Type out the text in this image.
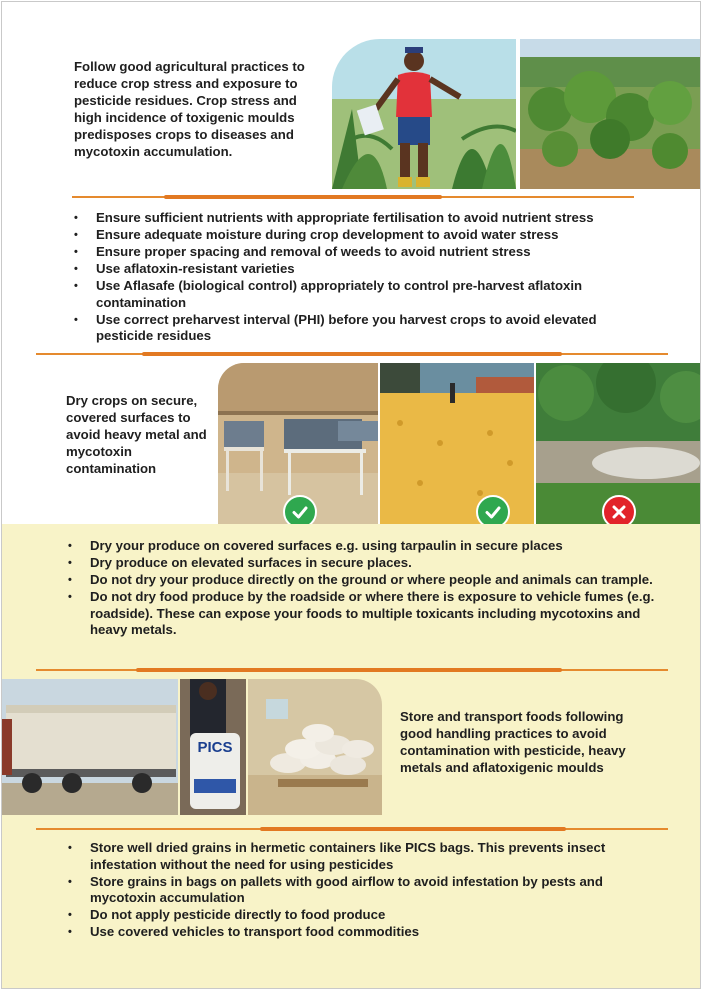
Follow good agricultural practices to reduce crop stress and exposure to pesticide residues. Crop stress and high incidence of toxigenic moulds predisposes crops to diseases and mycotoxin accumulation.

• Ensure sufficient nutrients with appropriate fertilisation to avoid nutrient stress
• Ensure adequate moisture during crop development to avoid water stress
• Ensure proper spacing and removal of weeds to avoid nutrient stress
• Use aflatoxin-resistant varieties
• Use Aflasafe (biological control) appropriately to control pre-harvest aflatoxin contamination
• Use correct preharvest interval (PHI) before you harvest crops to avoid elevated pesticide residues

Dry crops on secure, covered surfaces to avoid heavy metal and mycotoxin contamination

• Dry your produce on covered surfaces e.g. using tarpaulin in secure places
• Dry produce on elevated surfaces in secure places.
• Do not dry your produce directly on the ground or where people and animals can trample.
• Do not dry food produce by the roadside or where there is exposure to vehicle fumes (e.g. roadside). These can expose your foods to multiple toxicants including mycotoxins and heavy metals.
PICS

Store and transport foods following good handling practices to avoid contamination with pesticide, heavy metals and aflatoxigenic moulds

• Store well dried grains in hermetic containers like PICS bags. This prevents insect infestation without the need for using pesticides
• Store grains in bags on pallets with good airflow to avoid infestation by pests and mycotoxin accumulation
• Do not apply pesticide directly to food produce
• Use covered vehicles to transport food commodities
